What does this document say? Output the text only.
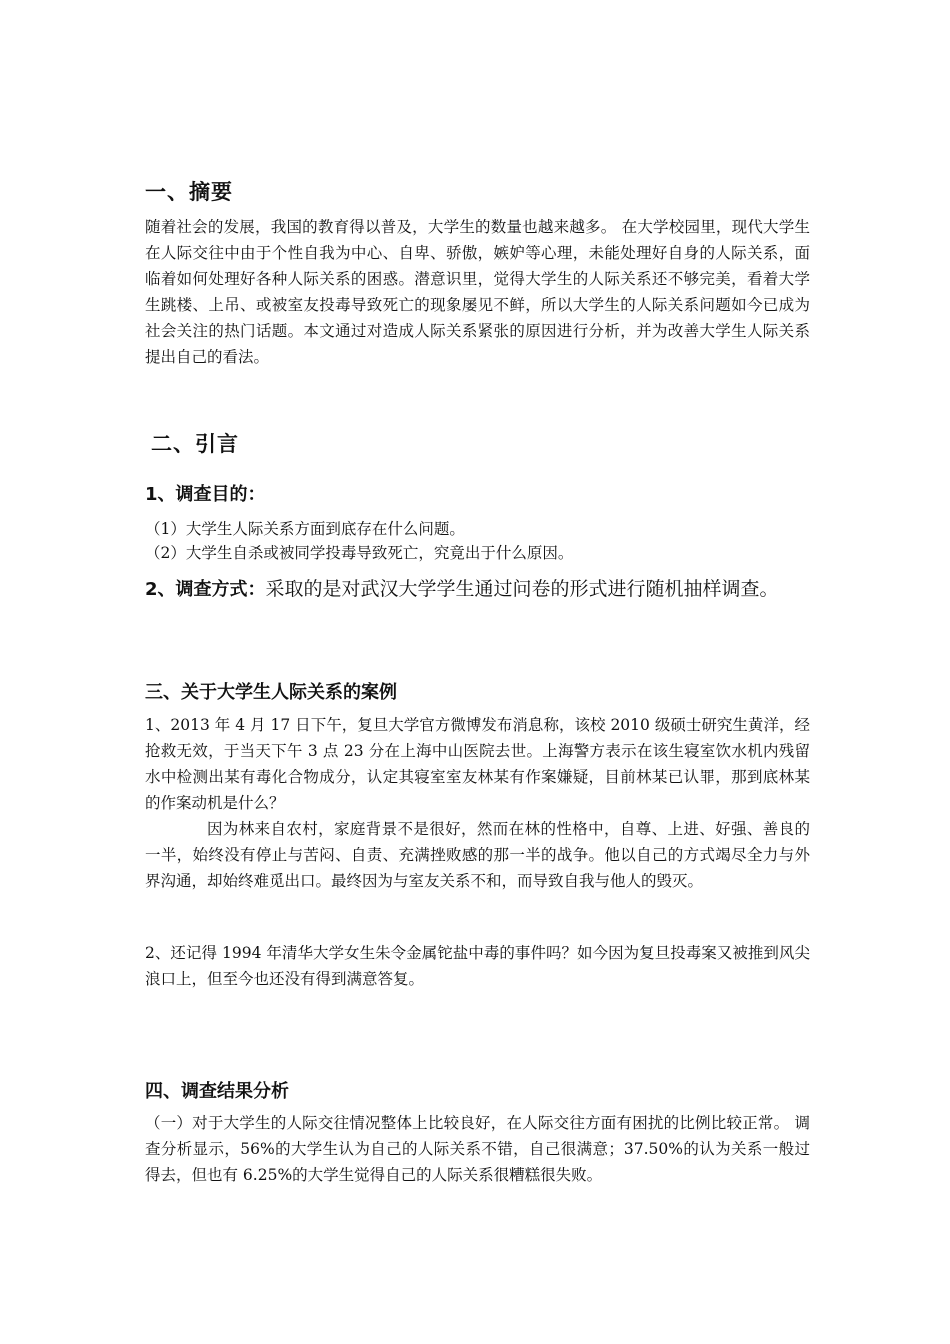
一、摘要

随着社会的发展，我国的教育得以普及，大学生的数量也越来越多。 在大学校园里，现代大学生在人际交往中由于个性自我为中心、自卑、骄傲，嫉妒等心理，未能处理好自身的人际关系，面临着如何处理好各种人际关系的困惑。潜意识里，觉得大学生的人际关系还不够完美，看着大学生跳楼、上吊、或被室友投毒导致死亡的现象屡见不鲜，所以大学生的人际关系问题如今已成为社会关注的热门话题。本文通过对造成人际关系紧张的原因进行分析，并为改善大学生人际关系提出自己的看法。

二、引言
1、调查目的：
（1）大学生人际关系方面到底存在什么问题。
（2）大学生自杀或被同学投毒导致死亡，究竟出于什么原因。

2、调查方式：采取的是对武汉大学学生通过问卷的形式进行随机抽样调查。

三、关于大学生人际关系的案例

1、2013 年 4 月 17 日下午，复旦大学官方微博发布消息称，该校 2010 级硕士研究生黄洋，经抢救无效，于当天下午 3 点 23 分在上海中山医院去世。上海警方表示在该生寝室饮水机内残留水中检测出某有毒化合物成分，认定其寝室室友林某有作案嫌疑，目前林某已认罪，那到底林某的作案动机是什么？

因为林来自农村，家庭背景不是很好，然而在林的性格中，自尊、上进、好强、善良的一半，始终没有停止与苦闷、自责、充满挫败感的那一半的战争。他以自己的方式竭尽全力与外界沟通，却始终难觅出口。最终因为与室友关系不和，而导致自我与他人的毁灭。

2、还记得 1994 年清华大学女生朱令金属铊盐中毒的事件吗？如今因为复旦投毒案又被推到风尖浪口上，但至今也还没有得到满意答复。

四、调查结果分析

（一）对于大学生的人际交往情况整体上比较良好，在人际交往方面有困扰的比例比较正常。 调查分析显示，56%的大学生认为自己的人际关系不错，自己很满意；37.50%的认为关系一般过得去，但也有 6.25%的大学生觉得自己的人际关系很糟糕很失败。
